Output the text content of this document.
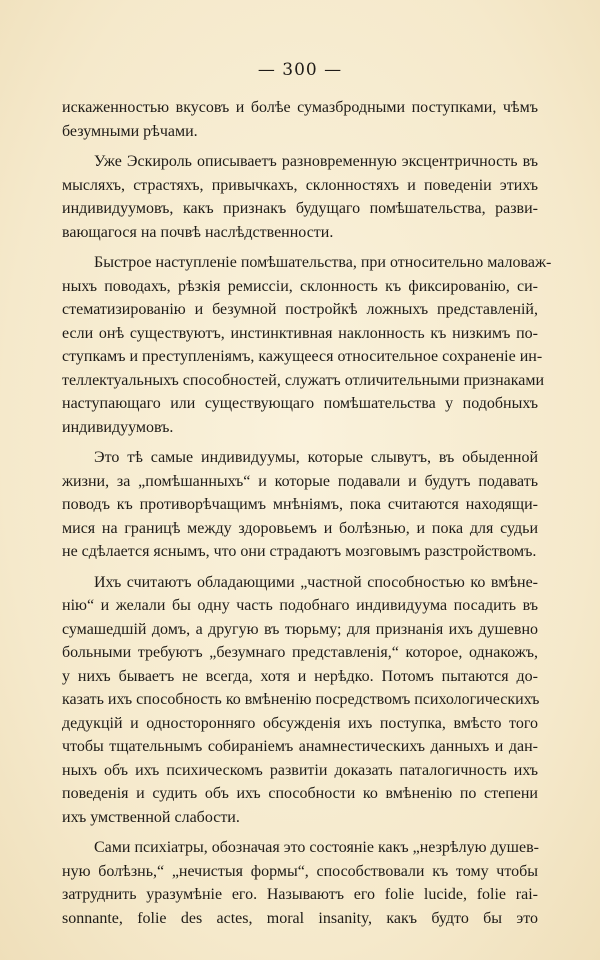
— 300 —
искаженностью вкусовъ и болѣе сумазбродными поступками, чѣмъ
безумными рѣчами.
Уже Эскироль описываетъ разновременную эксцентричность въ
мысляхъ, страстяхъ, привычкахъ, склонностяхъ и поведеніи этихъ
индивидуумовъ, какъ признакъ будущаго помѣшательства, разви-
вающагося на почвѣ наслѣдственности.
Быстрое наступленіе помѣшательства, при относительно маловаж-
ныхъ поводахъ, рѣзкія ремиссіи, склонность къ фиксированію, си-
стематизированію и безумной постройкѣ ложныхъ представленій,
если онѣ существуютъ, инстинктивная наклонность къ низкимъ по-
ступкамъ и преступленіямъ, кажущееся относительное сохраненіе ин-
теллектуальныхъ способностей, служатъ отличительными признаками
наступающаго или существующаго помѣшательства у подобныхъ
индивидуумовъ.
Это тѣ самые индивидуумы, которые слывутъ, въ обыденной
жизни, за „помѣшанныхъ“ и которые подавали и будутъ подавать
поводъ къ противорѣчащимъ мнѣніямъ, пока считаются находящи-
мися на границѣ между здоровьемъ и болѣзнью, и пока для судьи
не сдѣлается яснымъ, что они страдаютъ мозговымъ разстройствомъ.
Ихъ считаютъ обладающими „частной способностью ко вмѣне-
нію“ и желали бы одну часть подобнаго индивидуума посадить въ
сумашедшій домъ, а другую въ тюрьму; для признанія ихъ душевно
больными требуютъ „безумнаго представленія,“ которое, однакожъ,
у нихъ бываетъ не всегда, хотя и нерѣдко. Потомъ пытаются до-
казать ихъ способность ко вмѣненію посредствомъ психологическихъ
дедукцій и односторонняго обсужденія ихъ поступка, вмѣсто того
чтобы тщательнымъ собираніемъ анамнестическихъ данныхъ и дан-
ныхъ объ ихъ психическомъ развитіи доказать паталогичность ихъ
поведенія и судить объ ихъ способности ко вмѣненію по степени
ихъ умственной слабости.
Сами психіатры, обозначая это состояніе какъ „незрѣлую душев-
ную болѣзнь,“ „нечистыя формы“, способствовали къ тому чтобы
затруднить уразумѣніе его. Называютъ его folie lucide, folie rai-
sonnante, folie des actes, moral insanity, какъ будто бы это
